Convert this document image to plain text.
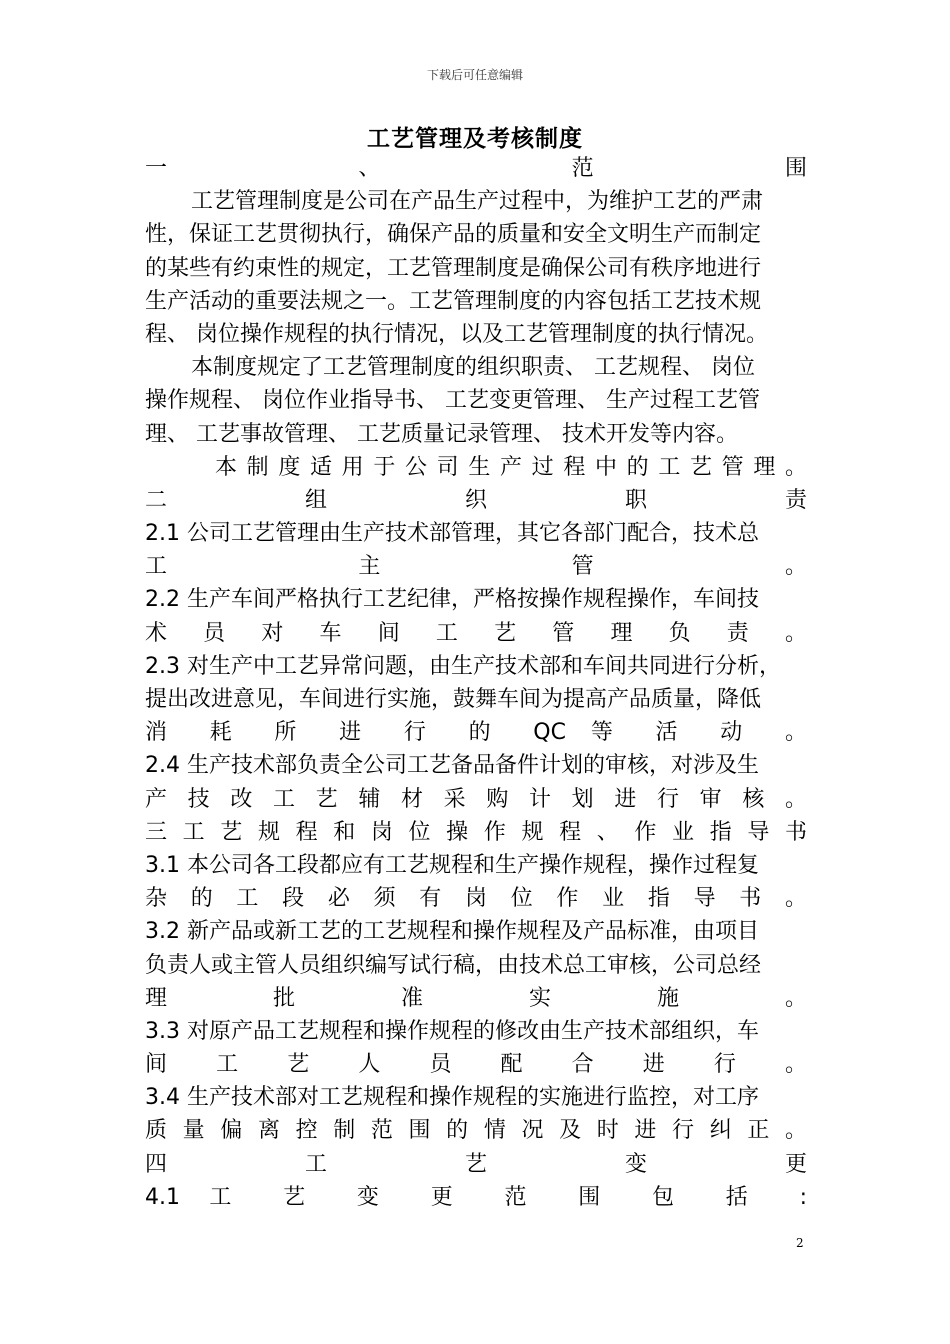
下载后可任意编辑
工艺管理及考核制度
一 、 范 围
工艺管理制度是公司在产品生产过程中，为维护工艺的严肃
性，保证工艺贯彻执行，确保产品的质量和安全文明生产而制定
的某些有约束性的规定，工艺管理制度是确保公司有秩序地进行
生产活动的重要法规之一。工艺管理制度的内容包括工艺技术规
程、 岗位操作规程的执行情况，以及工艺管理制度的执行情况。
本制度规定了工艺管理制度的组织职责、 工艺规程、 岗位
操作规程、 岗位作业指导书、 工艺变更管理、 生产过程工艺管
理、 工艺事故管理、 工艺质量记录管理、 技术开发等内容。
本 制 度 适 用 于 公 司 生 产 过 程 中 的 工 艺 管 理 。
二 组 织 职 责
2.1 公司工艺管理由生产技术部管理，其它各部门配合，技术总
工 主 管 。
2.2 生产车间严格执行工艺纪律，严格按操作规程操作，车间技
术 员 对 车 间 工 艺 管 理 负 责 。
2.3 对生产中工艺异常问题，由生产技术部和车间共同进行分析，
提出改进意见，车间进行实施，鼓舞车间为提高产品质量，降低
消 耗 所 进 行 的 QC 等 活 动 。
2.4 生产技术部负责全公司工艺备品备件计划的审核，对涉及生
产 技 改 工 艺 辅 材 采 购 计 划 进 行 审 核 。
三 工 艺 规 程 和 岗 位 操 作 规 程 、 作 业 指 导 书
3.1 本公司各工段都应有工艺规程和生产操作规程，操作过程复
杂 的 工 段 必 须 有 岗 位 作 业 指 导 书 。
3.2 新产品或新工艺的工艺规程和操作规程及产品标准，由项目
负责人或主管人员组织编写试行稿，由技术总工审核，公司总经
理 批 准 实 施 。
3.3 对原产品工艺规程和操作规程的修改由生产技术部组织，车
间 工 艺 人 员 配 合 进 行 。
3.4 生产技术部对工艺规程和操作规程的实施进行监控，对工序
质 量 偏 离 控 制 范 围 的 情 况 及 时 进 行 纠 正 。
四 工 艺 变 更
4.1 工 艺 变 更 范 围 包 括 :
2
